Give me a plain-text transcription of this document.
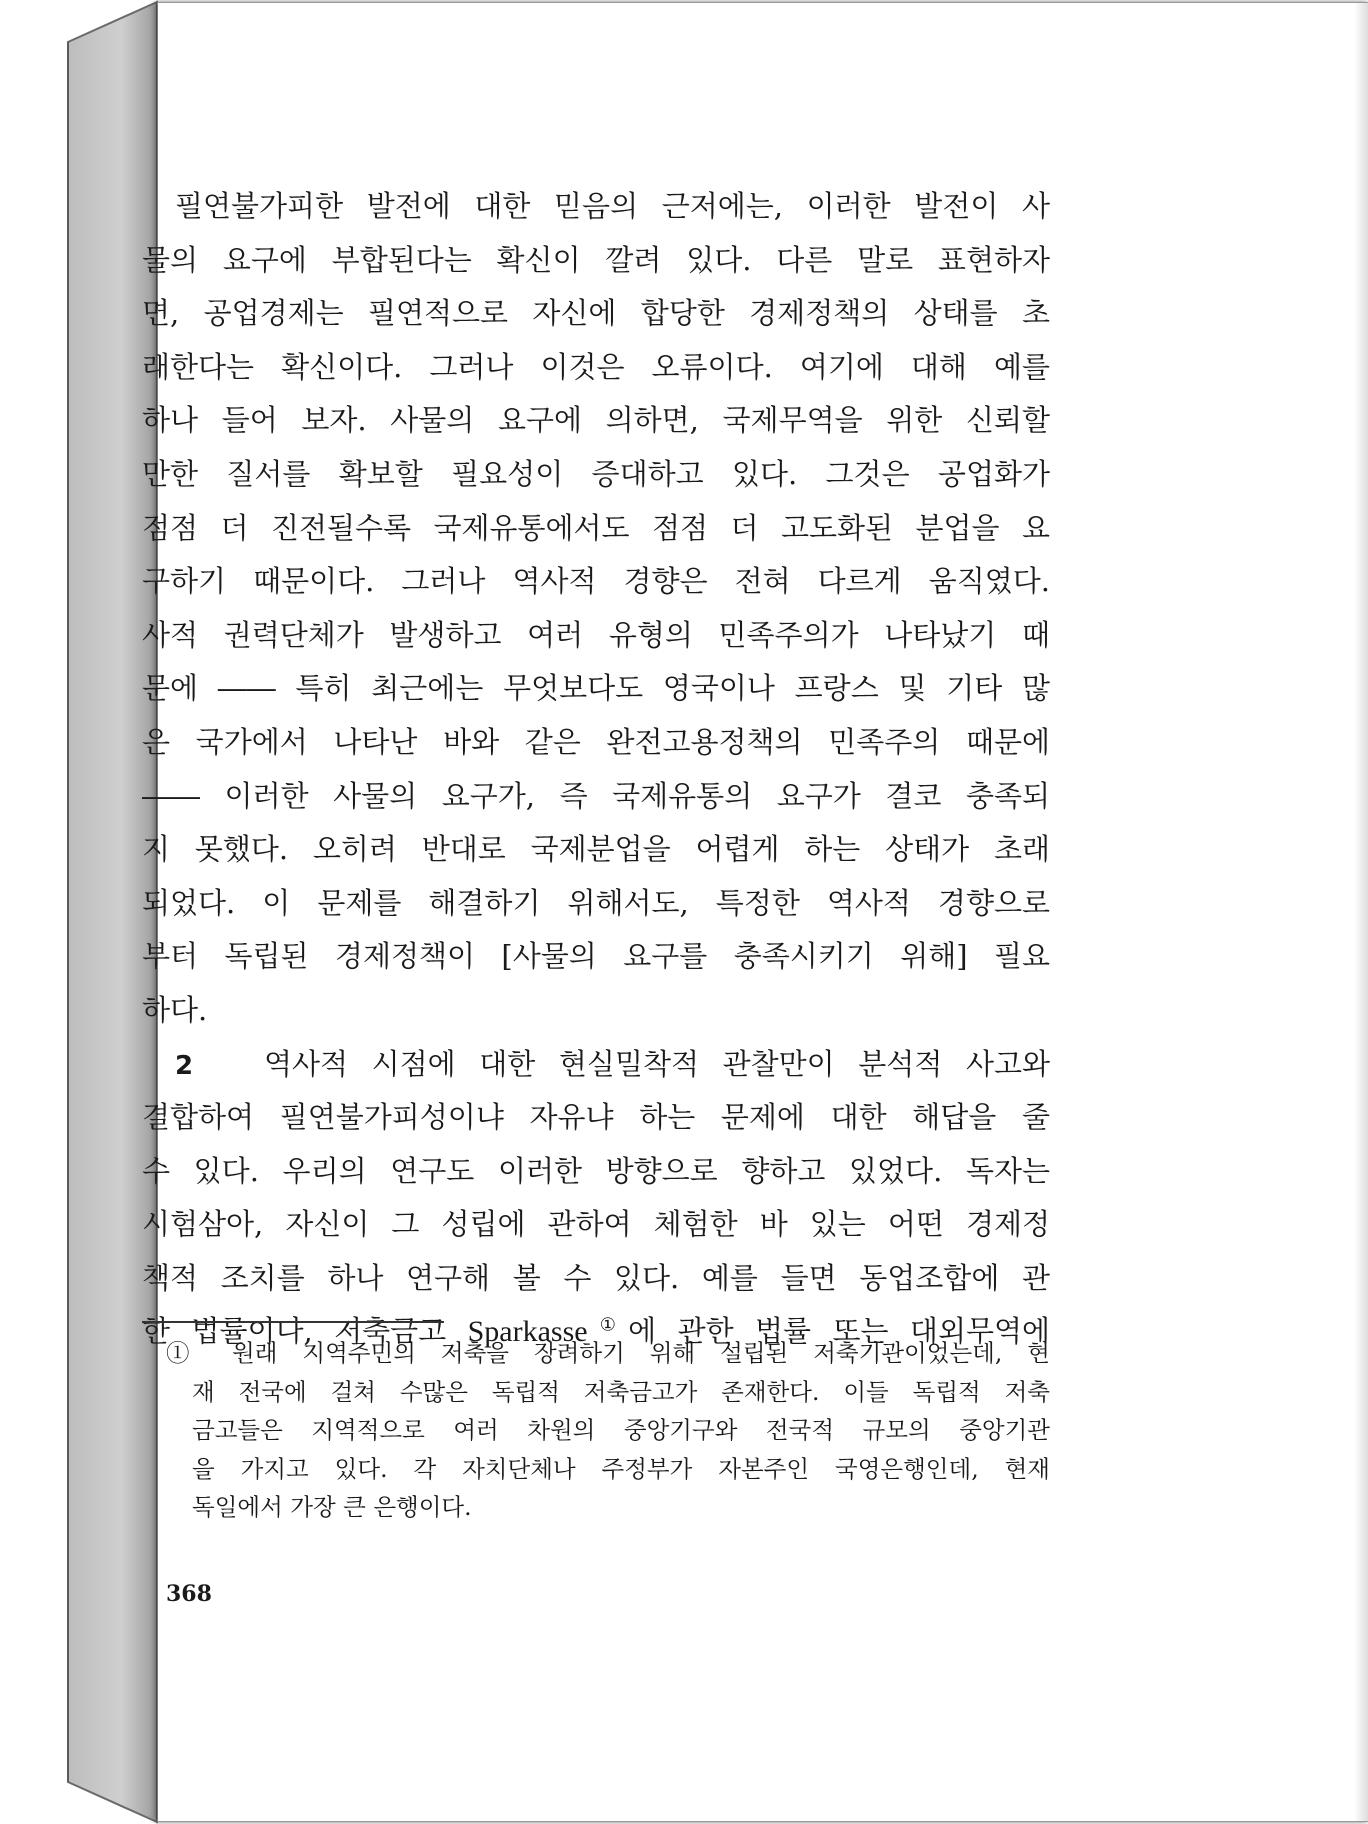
필연불가피한 발전에 대한 믿음의 근저에는, 이러한 발전이 사
물의 요구에 부합된다는 확신이 깔려 있다. 다른 말로 표현하자
면, 공업경제는 필연적으로 자신에 합당한 경제정책의 상태를 초
래한다는 확신이다. 그러나 이것은 오류이다. 여기에 대해 예를
하나 들어 보자. 사물의 요구에 의하면, 국제무역을 위한 신뢰할
만한 질서를 확보할 필요성이 증대하고 있다. 그것은 공업화가
점점 더 진전될수록 국제유통에서도 점점 더 고도화된 분업을 요
구하기 때문이다. 그러나 역사적 경향은 전혀 다르게 움직였다.
사적 권력단체가 발생하고 여러 유형의 민족주의가 나타났기 때
문에 ―― 특히 최근에는 무엇보다도 영국이나 프랑스 및 기타 많
은 국가에서 나타난 바와 같은 완전고용정책의 민족주의 때문에
―― 이러한 사물의 요구가, 즉 국제유통의 요구가 결코 충족되
지 못했다. 오히려 반대로 국제분업을 어렵게 하는 상태가 초래
되었다. 이 문제를 해결하기 위해서도, 특정한 역사적 경향으로
부터 독립된 경제정책이 [사물의 요구를 충족시키기 위해] 필요
하다.
2 역사적 시점에 대한 현실밀착적 관찰만이 분석적 사고와
결합하여 필연불가피성이냐 자유냐 하는 문제에 대한 해답을 줄
수 있다. 우리의 연구도 이러한 방향으로 향하고 있었다. 독자는
시험삼아, 자신이 그 성립에 관하여 체험한 바 있는 어떤 경제정
책적 조치를 하나 연구해 볼 수 있다. 예를 들면 동업조합에 관
한 법률이나, 저축금고 Sparkasse①에 관한 법률 또는 대외무역에
① 원래 지역주민의 저축을 장려하기 위해 설립된 저축기관이었는데, 현
재 전국에 걸쳐 수많은 독립적 저축금고가 존재한다. 이들 독립적 저축
금고들은 지역적으로 여러 차원의 중앙기구와 전국적 규모의 중앙기관
을 가지고 있다. 각 자치단체나 주정부가 자본주인 국영은행인데, 현재
독일에서 가장 큰 은행이다.
368
